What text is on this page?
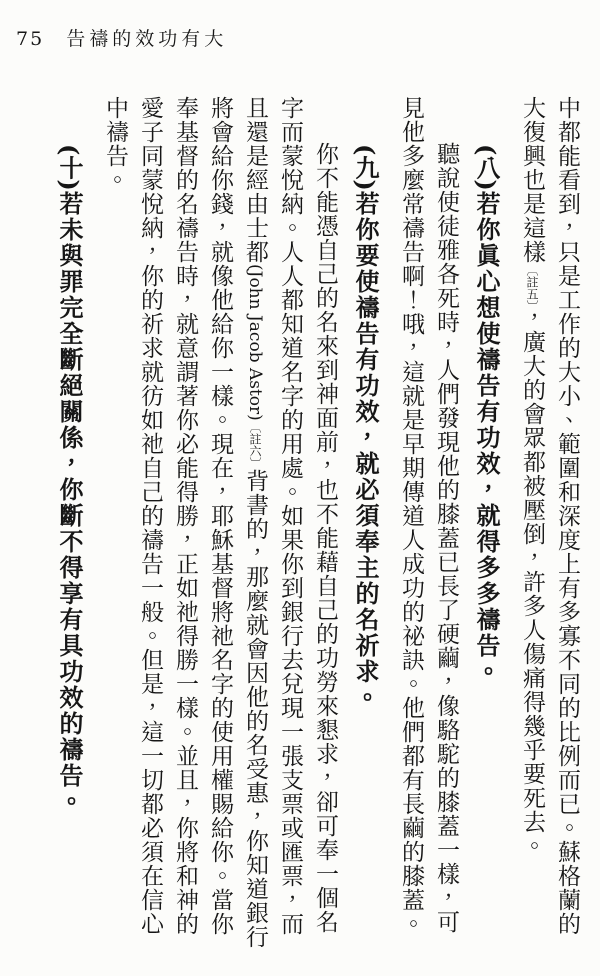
75 告禱的效功有大

中都能看到，只是工作的大小、範圍和深度上有多寡不同的比例而已。蘇格蘭的大復興也是這樣〔註五〕，廣大的會眾都被壓倒，許多人傷痛得幾乎要死去。

(八)若你眞心想使禱告有功效，就得多多禱告。

聽說使徒雅各死時，人們發現他的膝蓋已長了硬繭，像駱駝的膝蓋一樣，可見他多麼常禱告啊！哦，這就是早期傳道人成功的祕訣。他們都有長繭的膝蓋。

(九)若你要使禱告有功效，就必須奉主的名祈求。

你不能憑自己的名來到神面前，也不能藉自己的功勞來懇求，卻可奉一個名字而蒙悅納。人人都知道名字的用處。如果你到銀行去兌現一張支票或匯票，而且還是經由士都(John Jacob Astor)〔註六〕背書的，那麼就會因他的名受惠，你知道銀行將會給你錢，就像他給你一樣。現在，耶穌基督將祂名字的使用權賜給你。當你奉基督的名禱告時，就意謂著你必能得勝，正如祂得勝一樣。並且，你將和神的愛子同蒙悅納，你的祈求就彷如祂自己的禱告一般。但是，這一切都必須在信心中禱告。

(十)若未與罪完全斷絕關係，你斷不得享有具功效的禱告。
